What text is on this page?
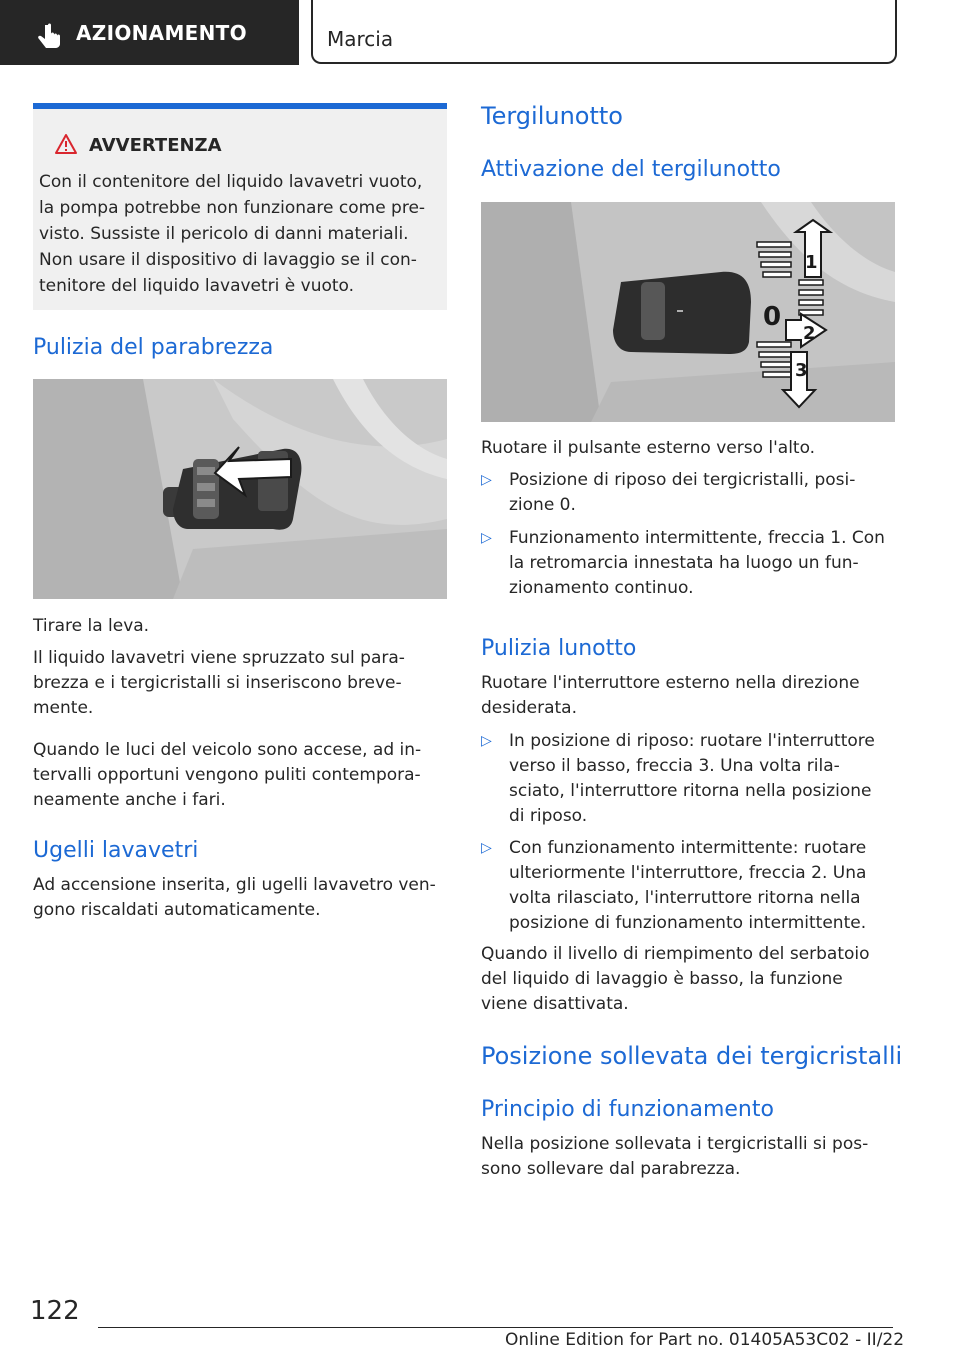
AZIONAMENTO	Marcia
AVVERTENZA
Con il contenitore del liquido lavavetri vuoto,
la pompa potrebbe non funzionare come pre-
visto. Sussiste il pericolo di danni materiali.
Non usare il dispositivo di lavaggio se il con-
tenitore del liquido lavavetri è vuoto.
Pulizia del parabrezza
Tirare la leva.
Il liquido lavavetri viene spruzzato sul para-
brezza e i tergicristalli si inseriscono breve-
mente.
Quando le luci del veicolo sono accese, ad in-
tervalli opportuni vengono puliti contempora-
neamente anche i fari.
Ugelli lavavetri
Ad accensione inserita, gli ugelli lavavetro ven-
gono riscaldati automaticamente.
Tergilunotto
Attivazione del tergilunotto
1
0
2
3
Ruotare il pulsante esterno verso l'alto.
▷ Posizione di riposo dei tergicristalli, posi-
zione 0.
▷ Funzionamento intermittente, freccia 1. Con
la retromarcia innestata ha luogo un fun-
zionamento continuo.
Pulizia lunotto
Ruotare l'interruttore esterno nella direzione
desiderata.
▷ In posizione di riposo: ruotare l'interruttore
verso il basso, freccia 3. Una volta rila-
sciato, l'interruttore ritorna nella posizione
di riposo.
▷ Con funzionamento intermittente: ruotare
ulteriormente l'interruttore, freccia 2. Una
volta rilasciato, l'interruttore ritorna nella
posizione di funzionamento intermittente.
Quando il livello di riempimento del serbatoio
del liquido di lavaggio è basso, la funzione
viene disattivata.
Posizione sollevata dei tergicristalli
Principio di funzionamento
Nella posizione sollevata i tergicristalli si pos-
sono sollevare dal parabrezza.
122
Online Edition for Part no. 01405A53C02 - II/22
